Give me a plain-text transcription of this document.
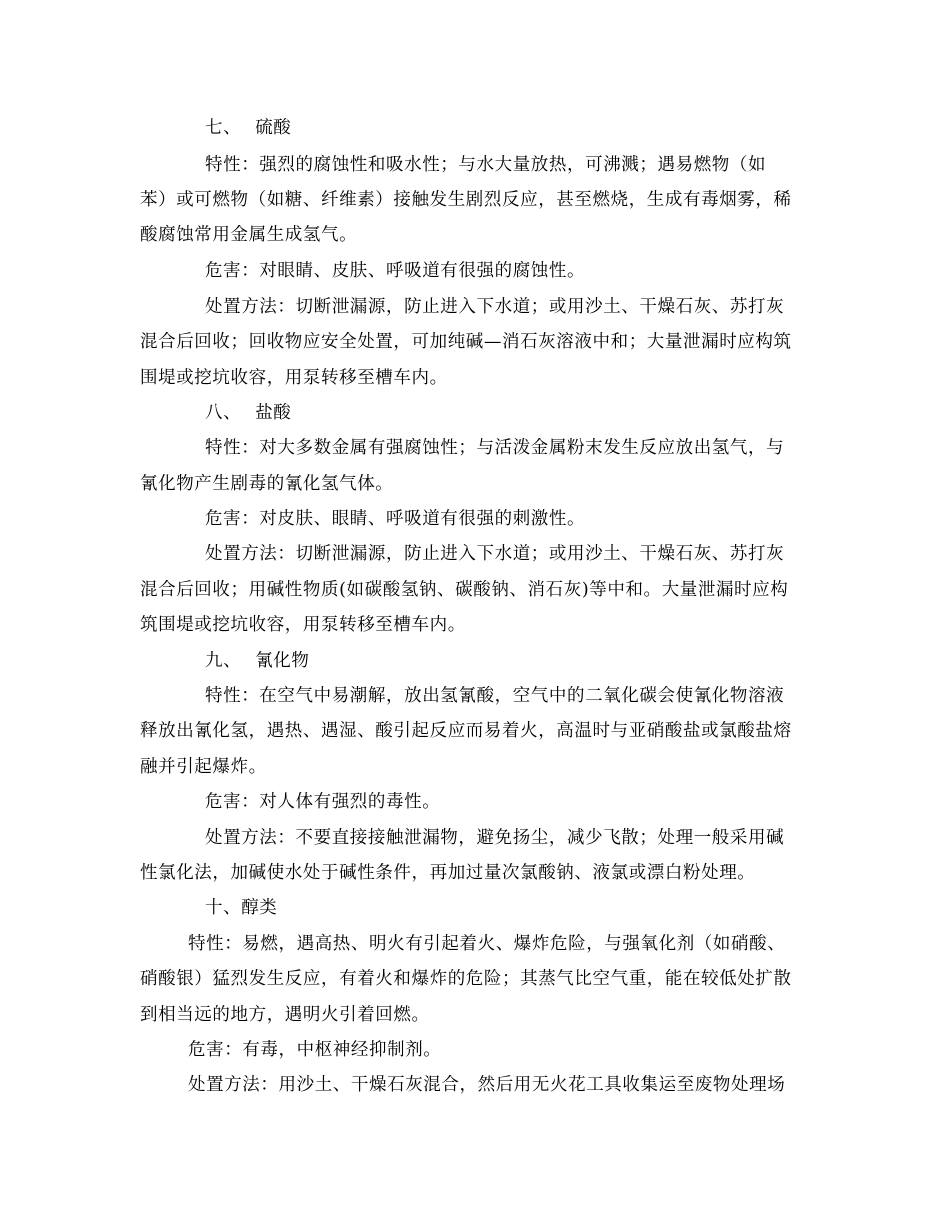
七、 硫酸
特性：强烈的腐蚀性和吸水性；与水大量放热，可沸溅；遇易燃物（如
苯）或可燃物（如糖、纤维素）接触发生剧烈反应，甚至燃烧，生成有毒烟雾，稀
酸腐蚀常用金属生成氢气。
危害：对眼睛、皮肤、呼吸道有很强的腐蚀性。
处置方法：切断泄漏源，防止进入下水道；或用沙土、干燥石灰、苏打灰
混合后回收；回收物应安全处置，可加纯碱—消石灰溶液中和；大量泄漏时应构筑
围堤或挖坑收容，用泵转移至槽车内。
八、 盐酸
特性：对大多数金属有强腐蚀性；与活泼金属粉末发生反应放出氢气，与
氰化物产生剧毒的氰化氢气体。
危害：对皮肤、眼睛、呼吸道有很强的刺激性。
处置方法：切断泄漏源，防止进入下水道；或用沙土、干燥石灰、苏打灰
混合后回收；用碱性物质(如碳酸氢钠、碳酸钠、消石灰)等中和。大量泄漏时应构
筑围堤或挖坑收容，用泵转移至槽车内。
九、 氰化物
特性：在空气中易潮解，放出氢氰酸，空气中的二氧化碳会使氰化物溶液
释放出氰化氢，遇热、遇湿、酸引起反应而易着火，高温时与亚硝酸盐或氯酸盐熔
融并引起爆炸。
危害：对人体有强烈的毒性。
处置方法：不要直接接触泄漏物，避免扬尘，减少飞散；处理一般采用碱
性氯化法，加碱使水处于碱性条件，再加过量次氯酸钠、液氯或漂白粉处理。
十、醇类
特性：易燃，遇高热、明火有引起着火、爆炸危险，与强氧化剂（如硝酸、
硝酸银）猛烈发生反应，有着火和爆炸的危险；其蒸气比空气重，能在较低处扩散
到相当远的地方，遇明火引着回燃。
危害：有毒，中枢神经抑制剂。
处置方法：用沙土、干燥石灰混合，然后用无火花工具收集运至废物处理场
